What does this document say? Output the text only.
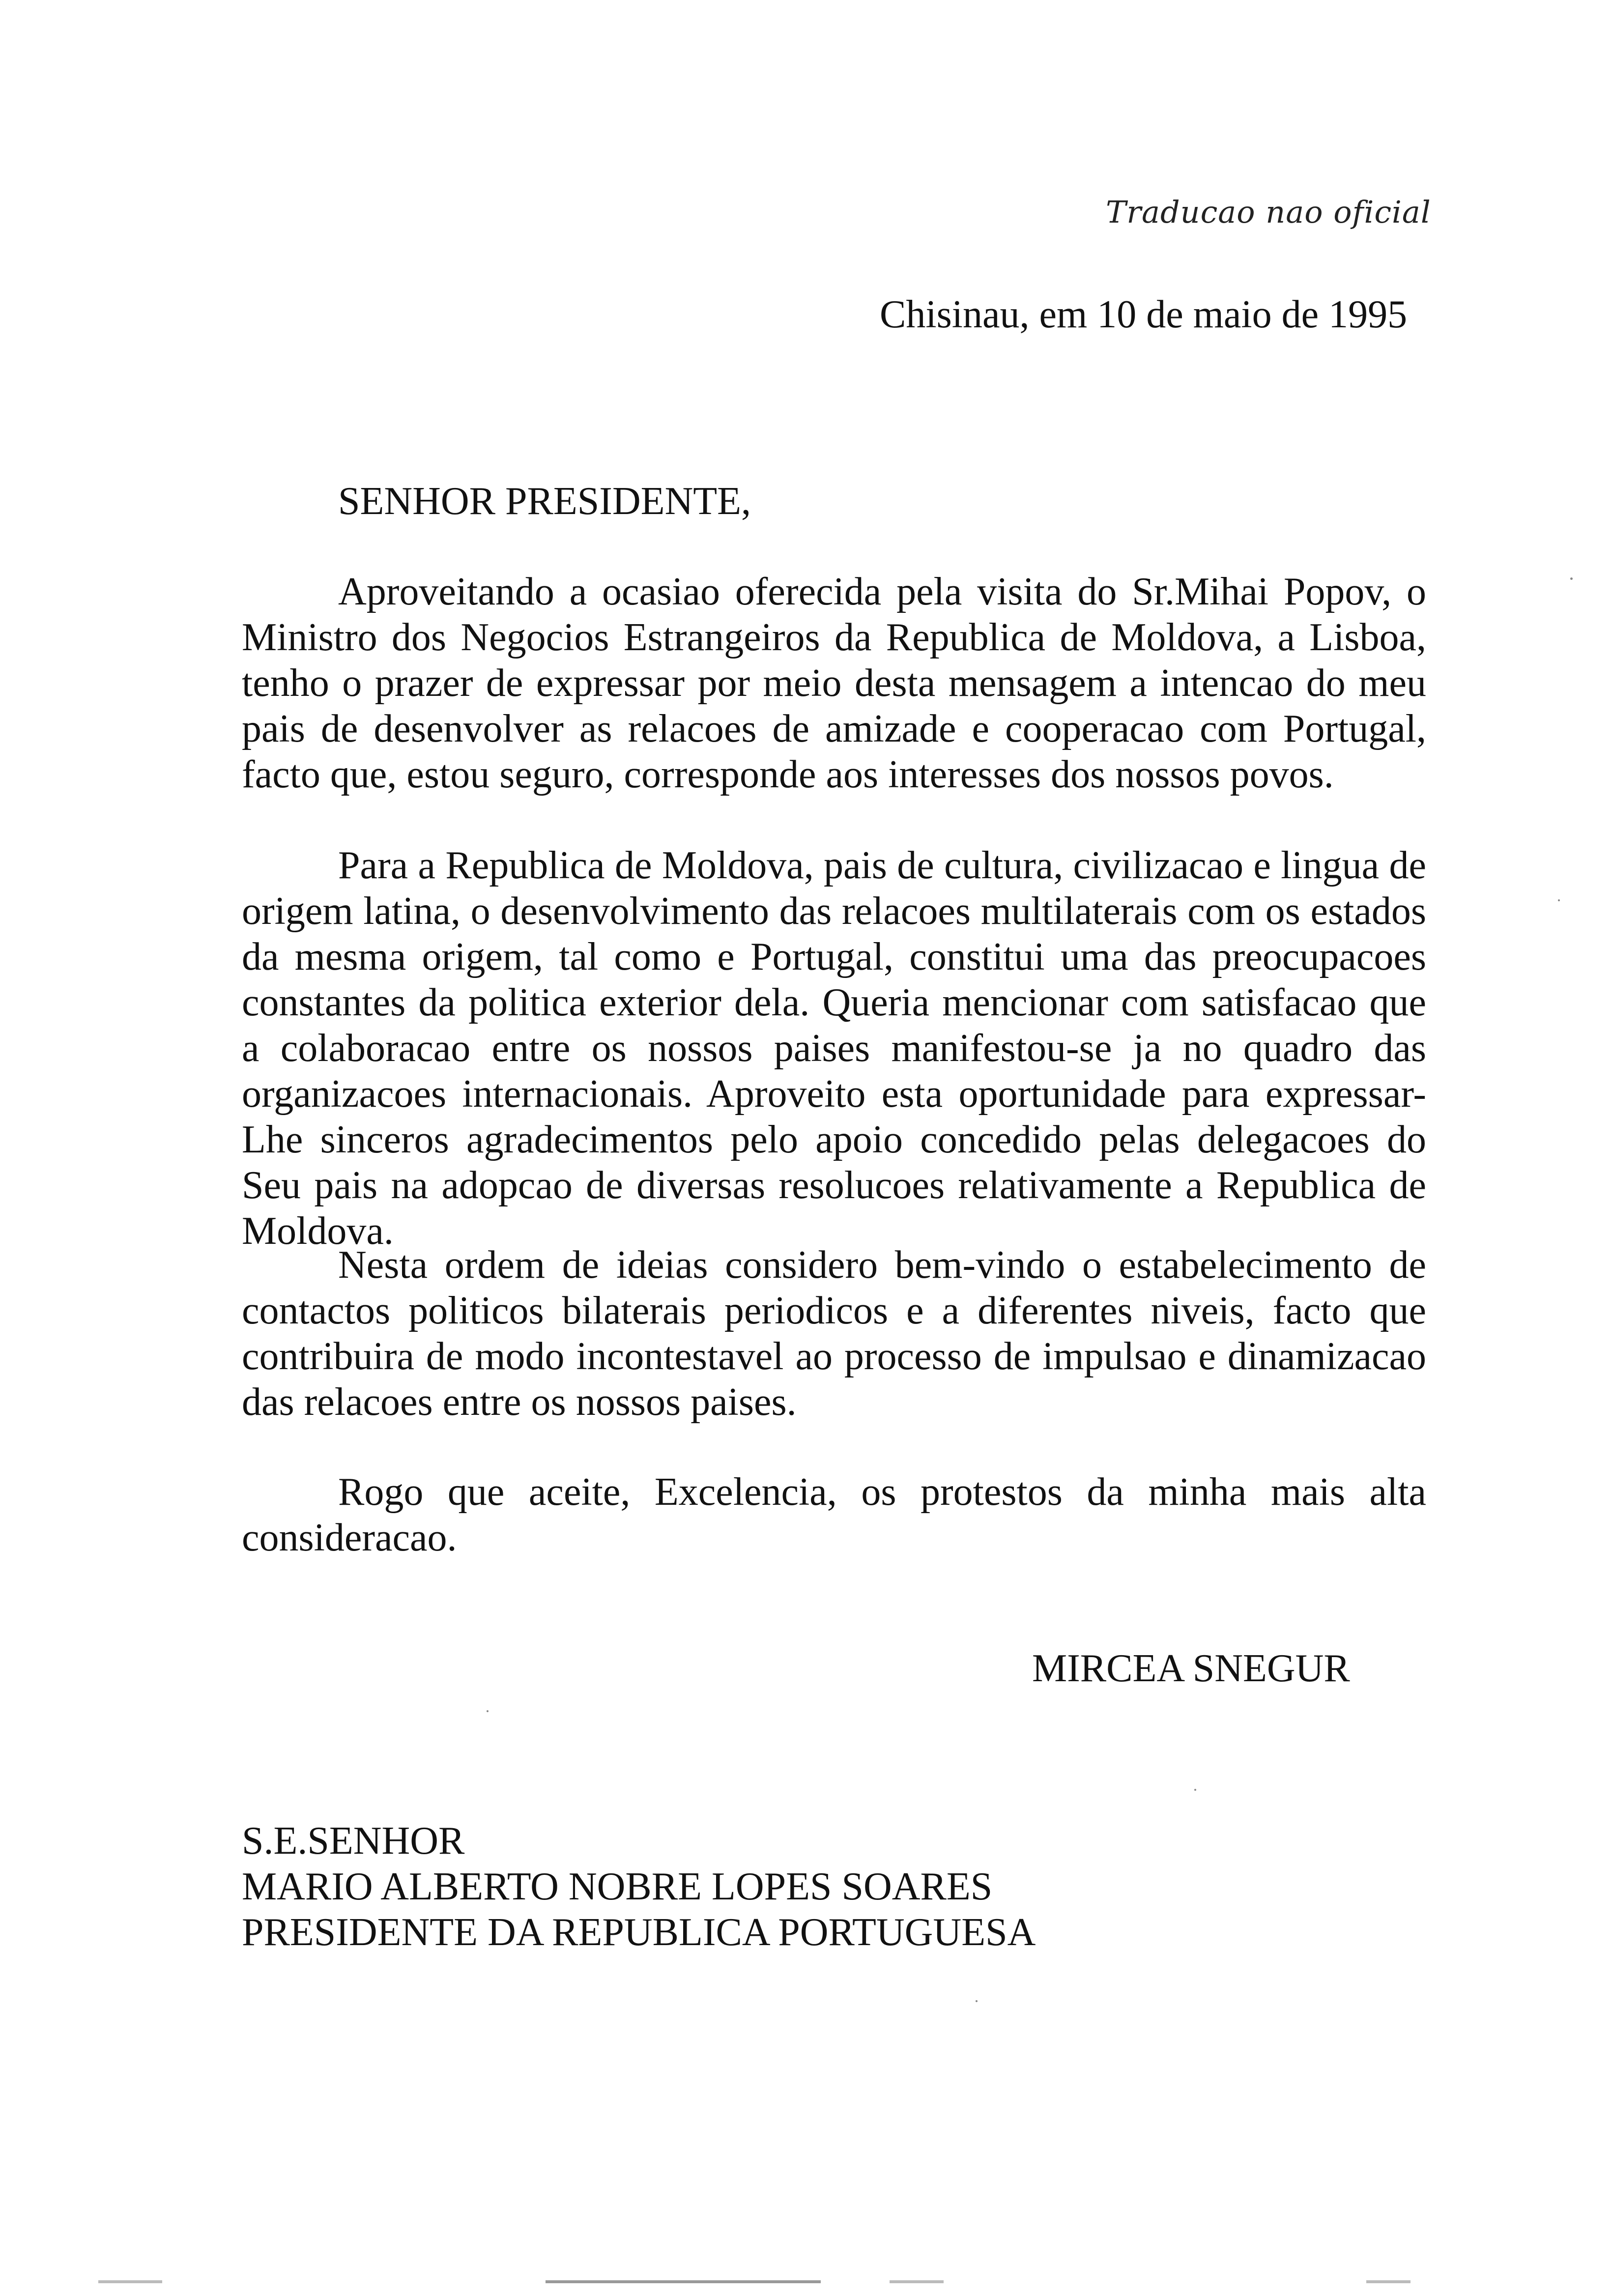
Traducao nao oficial
Chisinau, em 10 de maio de 1995
SENHOR PRESIDENTE,

Aproveitando a ocasiao oferecida pela visita do Sr.Mihai Popov, o Ministro dos Negocios Estrangeiros da Republica de Moldova, a Lisboa, tenho o prazer de expressar por meio desta mensagem a intencao do meu pais de desenvolver as relacoes de amizade e cooperacao com Portugal, facto que, estou seguro, corresponde aos interesses dos nossos povos.

Para a Republica de Moldova, pais de cultura, civilizacao e lingua de origem latina, o desenvolvimento das relacoes multilaterais com os estados da mesma origem, tal como e Portugal, constitui uma das preocupacoes constantes da politica exterior dela. Queria mencionar com satisfacao que a colaboracao entre os nossos paises manifestou-se ja no quadro das organizacoes internacionais. Aproveito esta oportunidade para expressar-Lhe sinceros agradecimentos pelo apoio concedido pelas delegacoes do Seu pais na adopcao de diversas resolucoes relativamente a Republica de Moldova.

Nesta ordem de ideias considero bem-vindo o estabelecimento de contactos politicos bilaterais periodicos e a diferentes niveis, facto que contribuira de modo incontestavel ao processo de impulsao e dinamizacao das relacoes entre os nossos paises.

Rogo que aceite, Excelencia, os protestos da minha mais alta consideracao.

MIRCEA SNEGUR
S.E.SENHOR
MARIO ALBERTO NOBRE LOPES SOARES
PRESIDENTE DA REPUBLICA PORTUGUESA
